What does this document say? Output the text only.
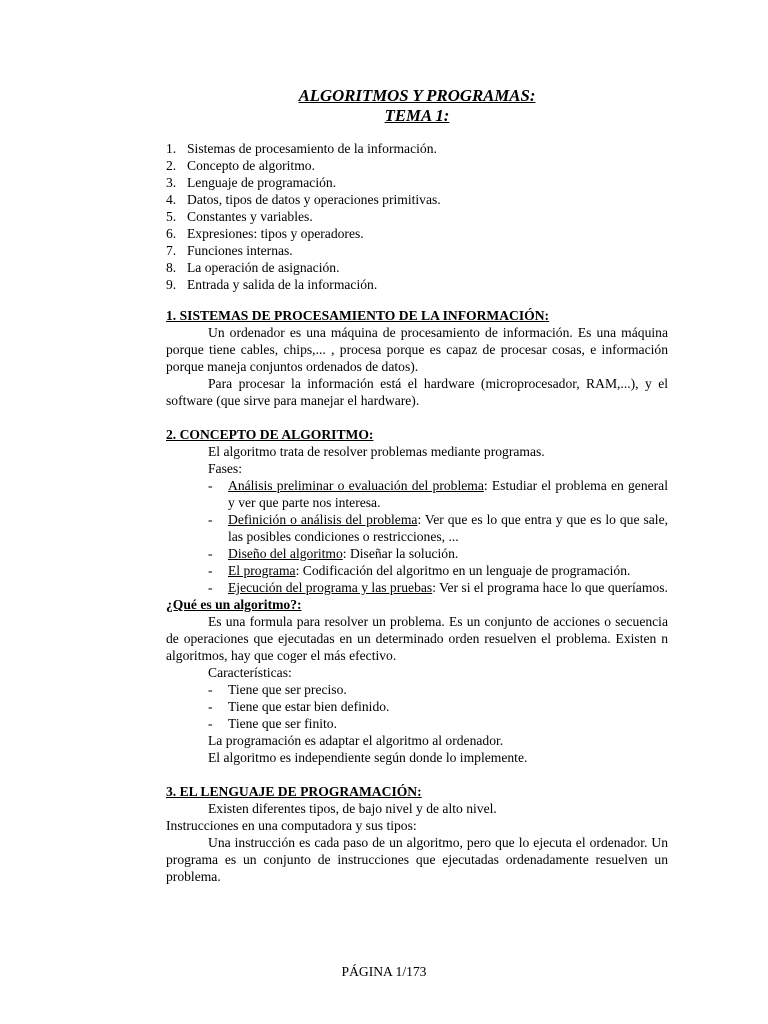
ALGORITMOS Y PROGRAMAS:
TEMA 1:
1. Sistemas de procesamiento de la información.
2. Concepto de algoritmo.
3. Lenguaje de programación.
4. Datos, tipos de datos y operaciones primitivas.
5. Constantes y variables.
6. Expresiones: tipos y operadores.
7. Funciones internas.
8. La operación de asignación.
9. Entrada y salida de la información.
1. SISTEMAS DE PROCESAMIENTO DE LA INFORMACIÓN:

Un ordenador es una máquina de procesamiento de información. Es una máquina porque tiene cables, chips,... , procesa porque es capaz de procesar cosas, e información porque maneja conjuntos ordenados de datos).

Para procesar la información está el hardware (microprocesador, RAM,...), y el software (que sirve para manejar el hardware).

2. CONCEPTO DE ALGORITMO:

El algoritmo trata de resolver problemas mediante programas.

Fases:

-	Análisis preliminar o evaluación del problema: Estudiar el problema en general y ver que parte nos interesa.
-	Definición o análisis del problema: Ver que es lo que entra y que es lo que sale, las posibles condiciones o restricciones, ...
-	Diseño del algoritmo: Diseñar la solución.
-	El programa: Codificación del algoritmo en un lenguaje de programación.
-	Ejecución del programa y las pruebas: Ver si el programa hace lo que queríamos.
¿Qué es un algoritmo?:

Es una formula para resolver un problema. Es un conjunto de acciones o secuencia de operaciones que ejecutadas en un determinado orden resuelven el problema. Existen n algoritmos, hay que coger el más efectivo.

Características:

-	Tiene que ser preciso.
-	Tiene que estar bien definido.
-	Tiene que ser finito.

La programación es adaptar el algoritmo al ordenador.

El algoritmo es independiente según donde lo implemente.

3. EL LENGUAJE DE PROGRAMACIÓN:

Existen diferentes tipos, de bajo nivel y de alto nivel.

Instrucciones en una computadora y sus tipos:

Una instrucción es cada paso de un algoritmo, pero que lo ejecuta el ordenador. Un programa es un conjunto de instrucciones que ejecutadas ordenadamente resuelven un problema.

PÁGINA 1/173
